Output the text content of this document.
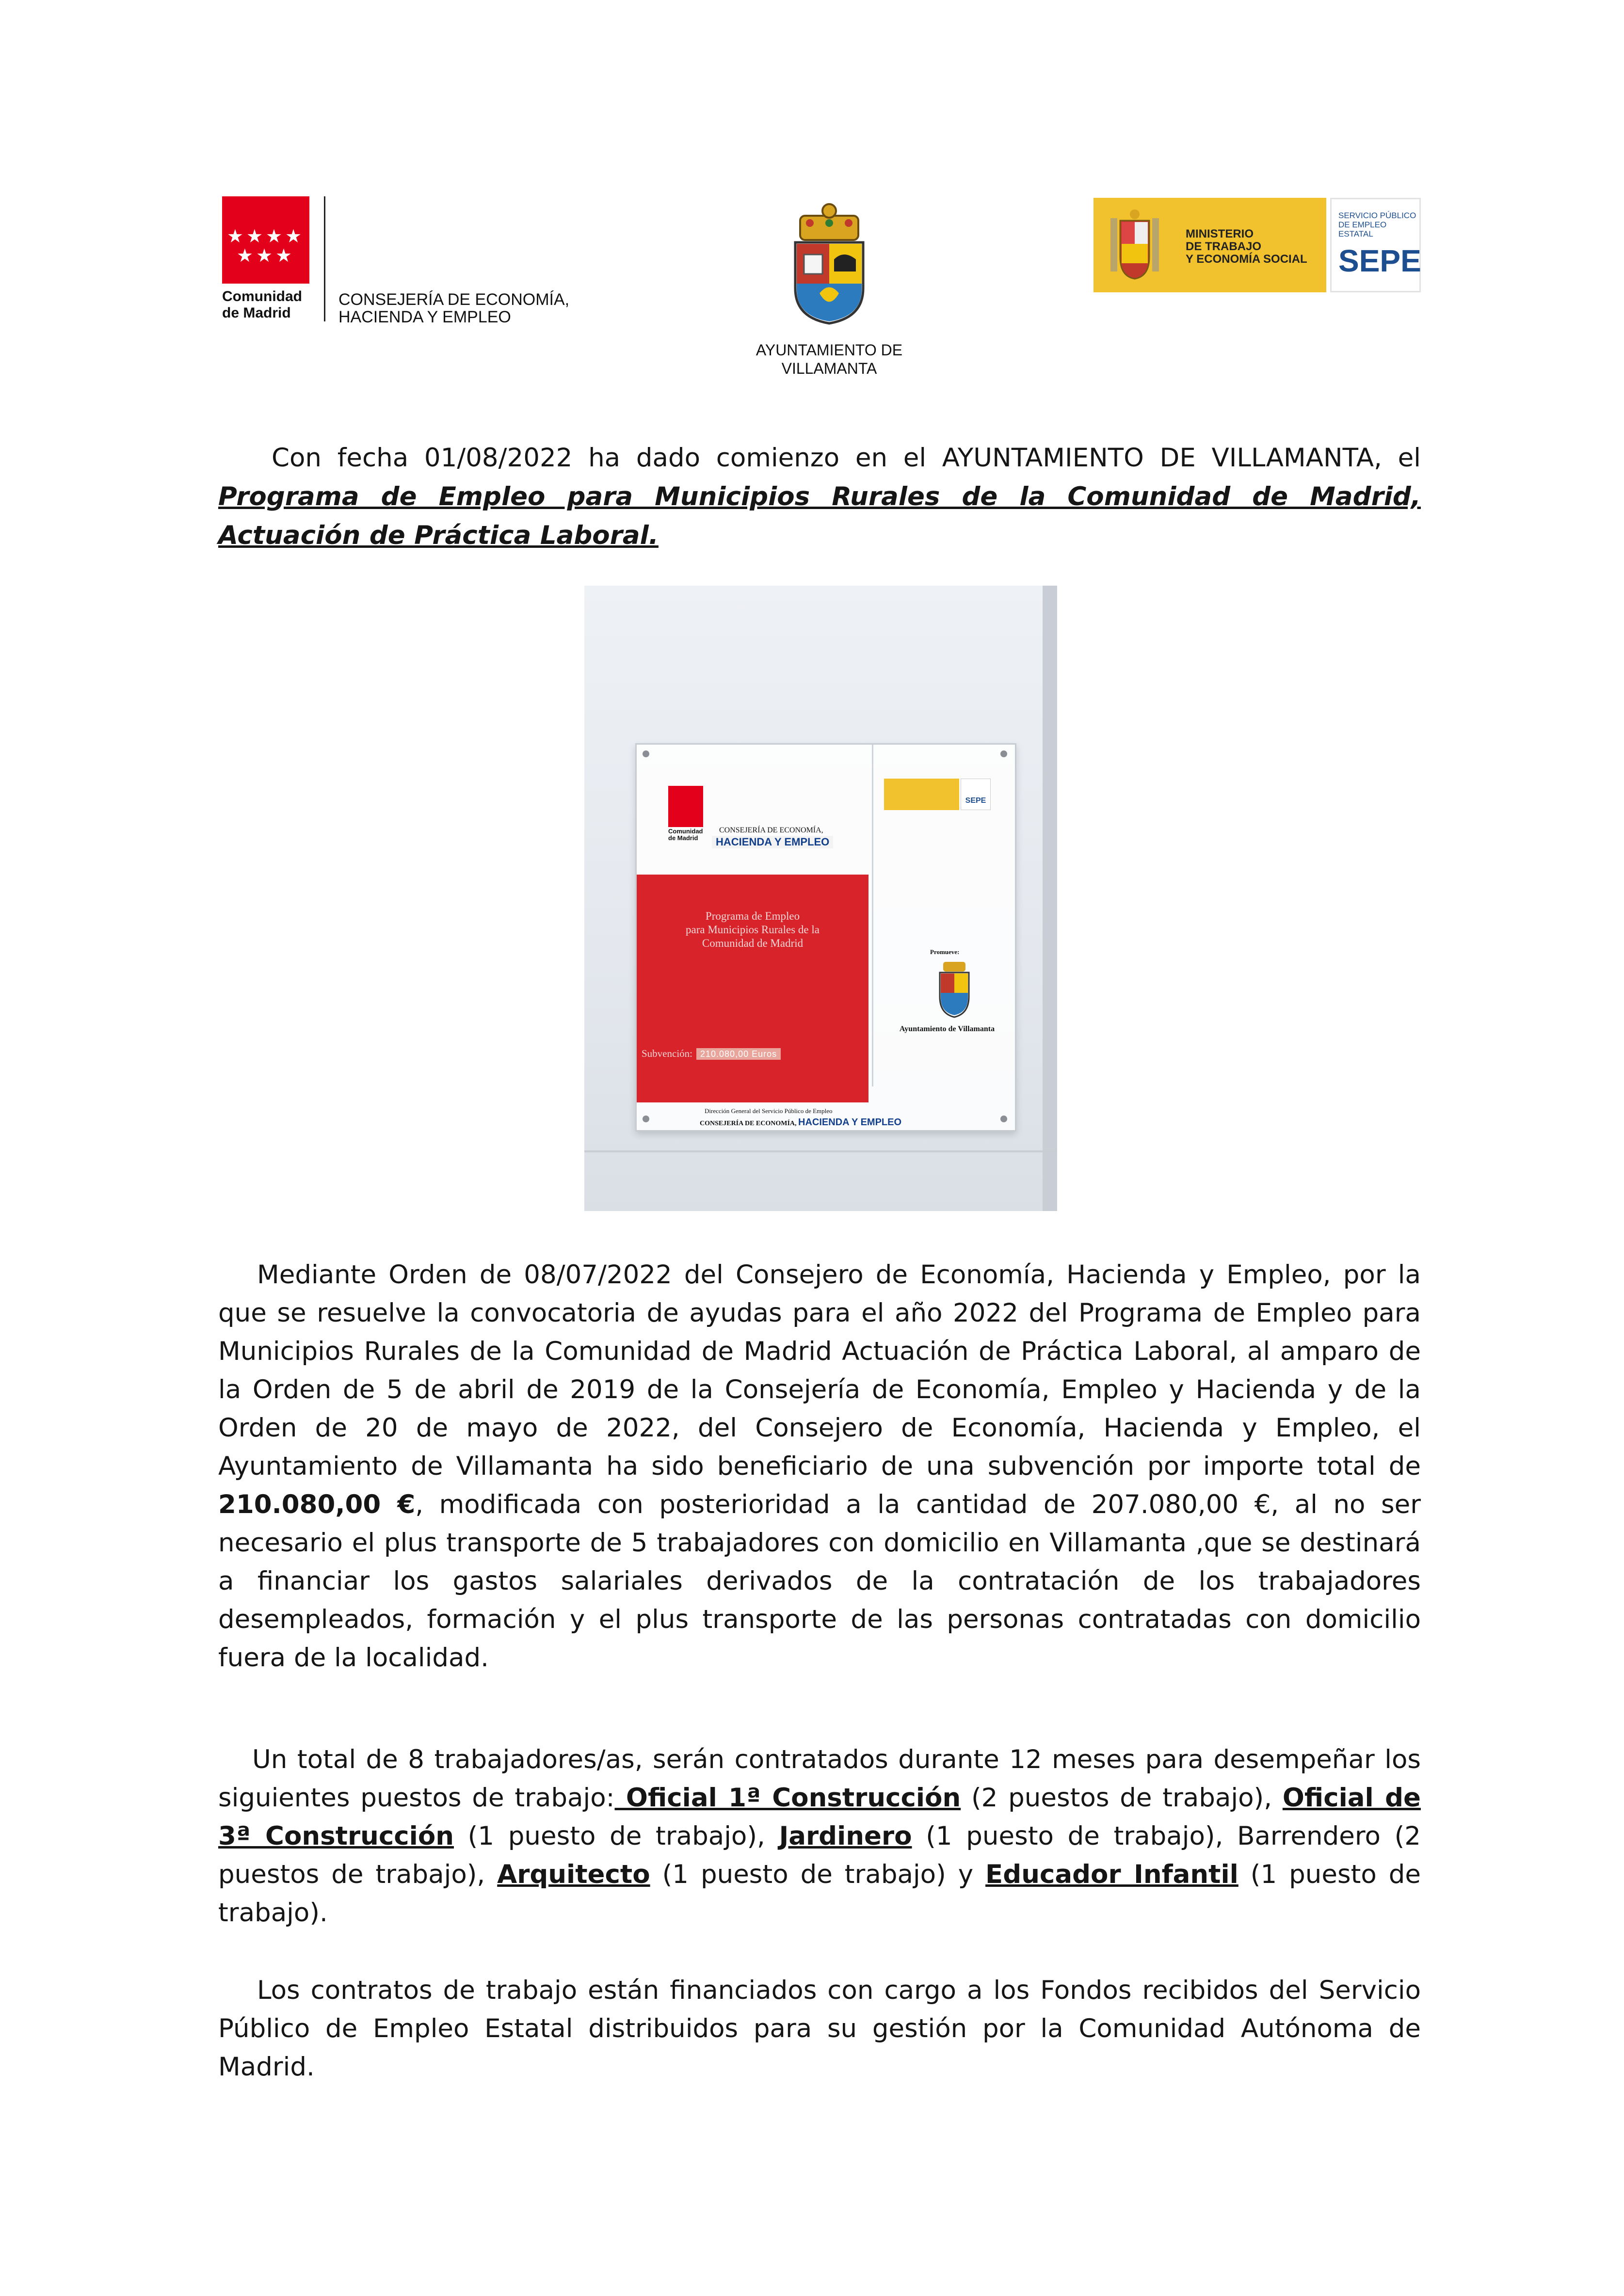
★★★★
★★★
Comunidad
de Madrid
CONSEJERÍA DE ECONOMÍA,
HACIENDA Y EMPLEO
AYUNTAMIENTO DE
VILLAMANTA
MINISTERIO
DE TRABAJO
Y ECONOMÍA SOCIAL
SERVICIO PÚBLICO
DE EMPLEO ESTATAL
SEPE
Con fecha 01/08/2022 ha dado comienzo en el AYUNTAMIENTO DE VILLAMANTA, el Programa de Empleo para Municipios Rurales de la Comunidad de Madrid, Actuación de Práctica Laboral.
Comunidad
de Madrid
CONSEJERÍA DE ECONOMÍA,
HACIENDA Y EMPLEO
Programa de Empleo
para Municipios Rurales de la
Comunidad de Madrid
Subvención: 210.080,00 Euros
Dirección General del Servicio Público de Empleo
CONSEJERÍA DE ECONOMÍA, HACIENDA Y EMPLEO
SEPE
Promueve:
Ayuntamiento de Villamanta
Mediante Orden de 08/07/2022 del Consejero de Economía, Hacienda y Empleo, por la que se resuelve la convocatoria de ayudas para el año 2022 del Programa de Empleo para Municipios Rurales de la Comunidad de Madrid Actuación de Práctica Laboral, al amparo de la Orden de 5 de abril de 2019 de la Consejería de Economía, Empleo y Hacienda y de la Orden de 20 de mayo de 2022, del Consejero de Economía, Hacienda y Empleo, el Ayuntamiento de Villamanta ha sido beneficiario de una subvención por importe total de 210.080,00 €, modificada con posterioridad a la cantidad de 207.080,00 €, al no ser necesario el plus transporte de 5 trabajadores con domicilio en Villamanta ,que se destinará a financiar los gastos salariales derivados de la contratación de los trabajadores desempleados, formación y el plus transporte de las personas contratadas con domicilio fuera de la localidad.
Un total de 8 trabajadores/as, serán contratados durante 12 meses para desempeñar los siguientes puestos de trabajo: Oficial 1ª Construcción (2 puestos de trabajo), Oficial de 3ª Construcción (1 puesto de trabajo), Jardinero (1 puesto de trabajo), Barrendero (2 puestos de trabajo), Arquitecto (1 puesto de trabajo) y Educador Infantil (1 puesto de trabajo).
Los contratos de trabajo están financiados con cargo a los Fondos recibidos del Servicio Público de Empleo Estatal distribuidos para su gestión por la Comunidad Autónoma de Madrid.
